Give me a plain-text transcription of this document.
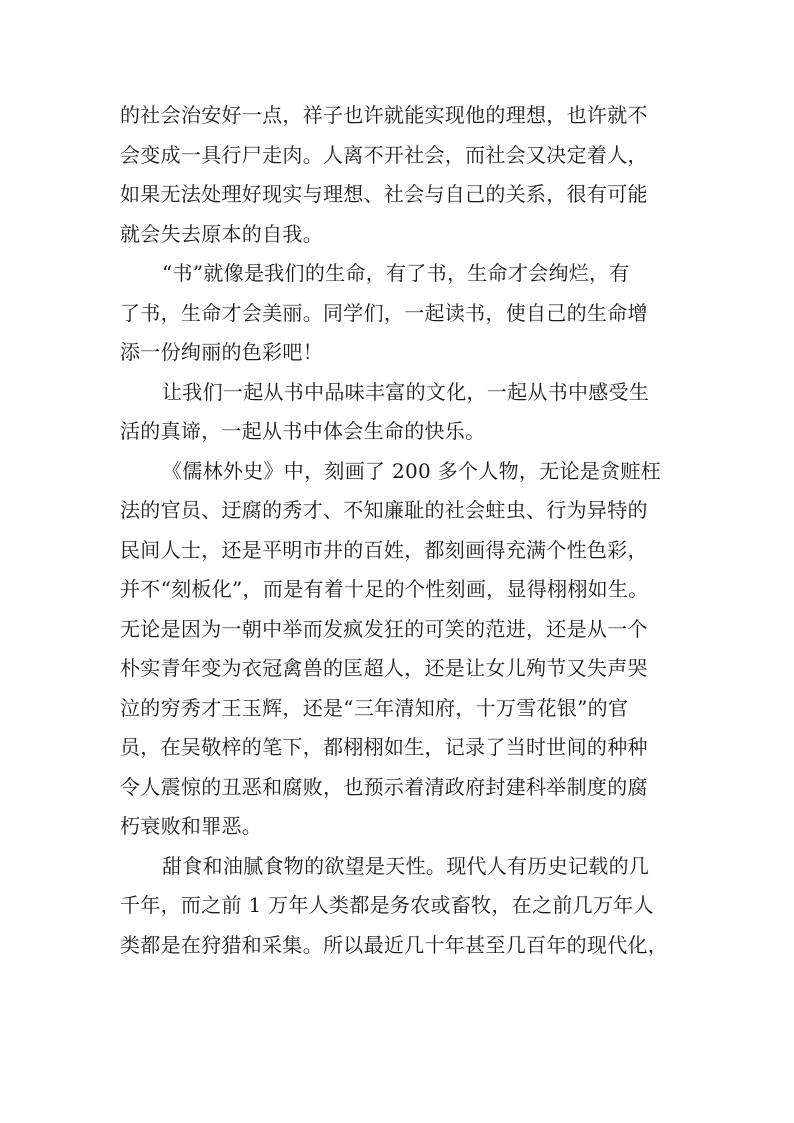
的社会治安好一点，祥子也许就能实现他的理想，也许就不
会变成一具行尸走肉。人离不开社会，而社会又决定着人，
如果无法处理好现实与理想、社会与自己的关系，很有可能
就会失去原本的自我。
“书”就像是我们的生命，有了书，生命才会绚烂，有
了书，生命才会美丽。同学们，一起读书，使自己的生命增
添一份绚丽的色彩吧！
让我们一起从书中品味丰富的文化，一起从书中感受生
活的真谛，一起从书中体会生命的快乐。
《儒林外史》中，刻画了 200 多个人物，无论是贪赃枉
法的官员、迂腐的秀才、不知廉耻的社会蛀虫、行为异特的
民间人士，还是平明市井的百姓，都刻画得充满个性色彩，
并不“刻板化”，而是有着十足的个性刻画，显得栩栩如生。
无论是因为一朝中举而发疯发狂的可笑的范进，还是从一个
朴实青年变为衣冠禽兽的匡超人，还是让女儿殉节又失声哭
泣的穷秀才王玉辉，还是“三年清知府，十万雪花银”的官
员，在吴敬梓的笔下，都栩栩如生，记录了当时世间的种种
令人震惊的丑恶和腐败，也预示着清政府封建科举制度的腐
朽衰败和罪恶。
甜食和油腻食物的欲望是天性。现代人有历史记载的几
千年，而之前 1 万年人类都是务农或畜牧，在之前几万年人
类都是在狩猎和采集。所以最近几十年甚至几百年的现代化，
